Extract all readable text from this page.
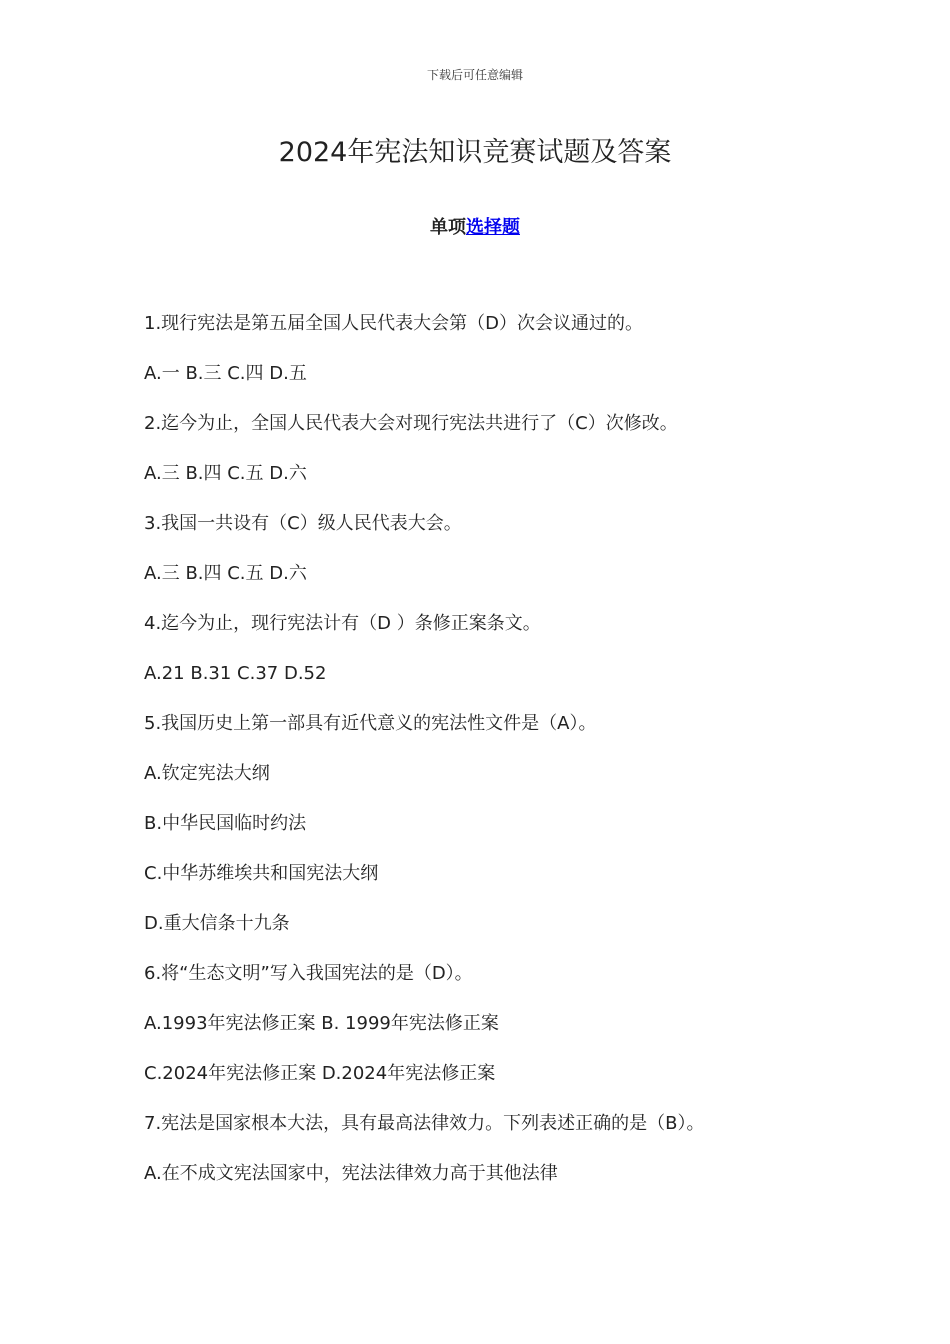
下载后可任意编辑
2024年宪法知识竞赛试题及答案
单项选择题
1.现行宪法是第五届全国人民代表大会第（D）次会议通过的。
A.一 B.三 C.四 D.五
2.迄今为止，全国人民代表大会对现行宪法共进行了（C）次修改。
A.三 B.四 C.五 D.六
3.我国一共设有（C）级人民代表大会。
A.三 B.四 C.五 D.六
4.迄今为止，现行宪法计有（D ）条修正案条文。
A.21 B.31 C.37 D.52
5.我国历史上第一部具有近代意义的宪法性文件是（A）。
A.钦定宪法大纲
B.中华民国临时约法
C.中华苏维埃共和国宪法大纲
D.重大信条十九条
6.将“生态文明”写入我国宪法的是（D）。
A.1993年宪法修正案 B. 1999年宪法修正案
C.2024年宪法修正案 D.2024年宪法修正案
7.宪法是国家根本大法，具有最高法律效力。下列表述正确的是（B）。
A.在不成文宪法国家中，宪法法律效力高于其他法律
